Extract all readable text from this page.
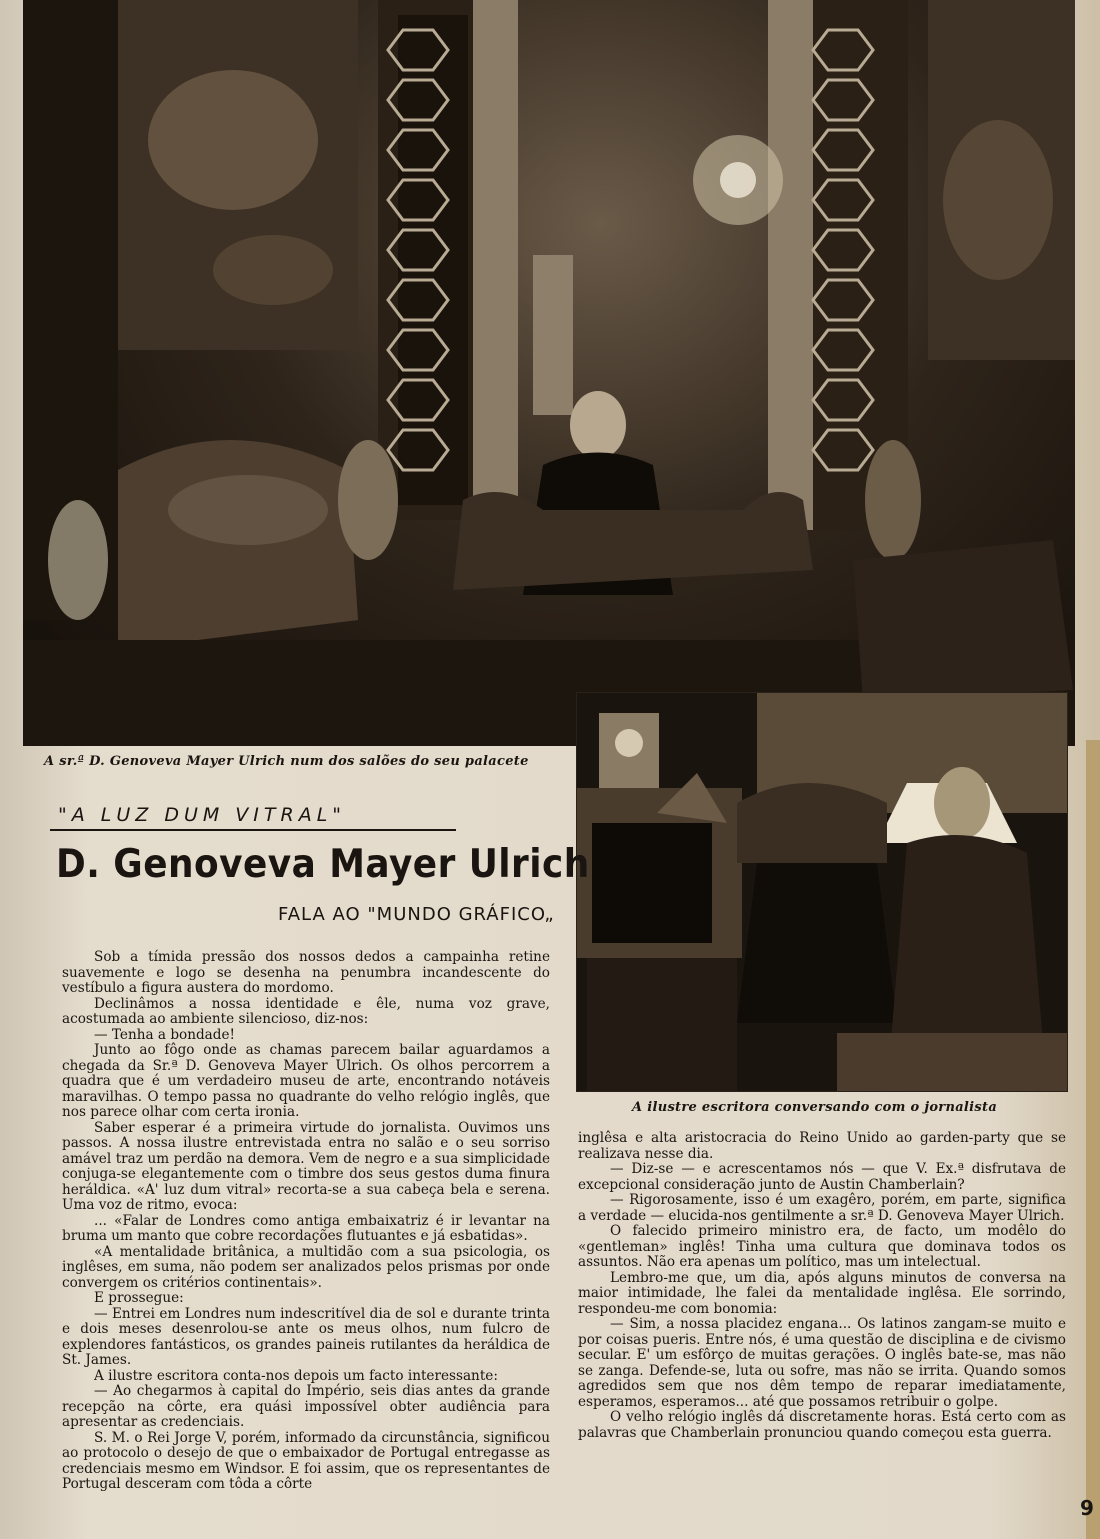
A sr.ª D. Genoveva Mayer Ulrich num dos salões do seu palacete
A ilustre escritora conversando com o jornalista
"A LUZ DUM VITRAL"
D. Genoveva Mayer Ulrich
FALA AO "MUNDO GRÁFICO„

Sob a tímida pressão dos nossos dedos a campainha retine suavemente e logo se desenha na penumbra incandescente do vestíbulo a figura austera do mordomo.

Declinâmos a nossa identidade e êle, numa voz grave, acostumada ao ambiente silencioso, diz-nos:

— Tenha a bondade!

Junto ao fôgo onde as chamas parecem bailar aguardamos a chegada da Sr.ª D. Genoveva Mayer Ulrich. Os olhos percorrem a quadra que é um verdadeiro museu de arte, encontrando notáveis maravilhas. O tempo passa no quadrante do velho relógio inglês, que nos parece olhar com certa ironia.

Saber esperar é a primeira virtude do jornalista. Ouvimos uns passos. A nossa ilustre entrevistada entra no salão e o seu sorriso amável traz um perdão na demora. Vem de negro e a sua simplicidade conjuga-se elegantemente com o timbre dos seus gestos duma finura heráldica. «A' luz dum vitral» recorta-se a sua cabeça bela e serena. Uma voz de ritmo, evoca:

... «Falar de Londres como antiga embaixatriz é ir levantar na bruma um manto que cobre recordações flutuantes e já esbatidas».

«A mentalidade britânica, a multidão com a sua psicologia, os inglêses, em suma, não podem ser analizados pelos prismas por onde convergem os critérios continentais».

E prossegue:

— Entrei em Londres num indescritível dia de sol e durante trinta e dois meses desenrolou-se ante os meus olhos, num fulcro de explendores fantásticos, os grandes paineis rutilantes da heráldica de St. James.

A ilustre escritora conta-nos depois um facto interessante:

— Ao chegarmos à capital do Império, seis dias antes da grande recepção na côrte, era quási impossível obter audiência para apresentar as credenciais.

S. M. o Rei Jorge V, porém, informado da circunstância, significou ao protocolo o desejo de que o embaixador de Portugal entregasse as credenciais mesmo em Windsor. E foi assim, que os representantes de Portugal desceram com tôda a côrte

inglêsa e alta aristocracia do Reino Unido ao garden-party que se realizava nesse dia.

— Diz-se — e acrescentamos nós — que V. Ex.ª disfrutava de excepcional consideração junto de Austin Chamberlain?

— Rigorosamente, isso é um exagêro, porém, em parte, significa a verdade — elucida-nos gentilmente a sr.ª D. Genoveva Mayer Ulrich.

O falecido primeiro ministro era, de facto, um modêlo do «gentleman» inglês! Tinha uma cultura que dominava todos os assuntos. Não era apenas um político, mas um intelectual.

Lembro-me que, um dia, após alguns minutos de conversa na maior intimidade, lhe falei da mentalidade inglêsa. Ele sorrindo, respondeu-me com bonomia:

— Sim, a nossa placidez engana... Os latinos zangam-se muito e por coisas pueris. Entre nós, é uma questão de disciplina e de civismo secular. E' um esfôrço de muitas gerações. O inglês bate-se, mas não se zanga. Defende-se, luta ou sofre, mas não se irrita. Quando somos agredidos sem que nos dêm tempo de reparar imediatamente, esperamos, esperamos... até que possamos retribuir o golpe.

O velho relógio inglês dá discretamente horas. Está certo com as palavras que Chamberlain pronunciou quando começou esta guerra.

9
